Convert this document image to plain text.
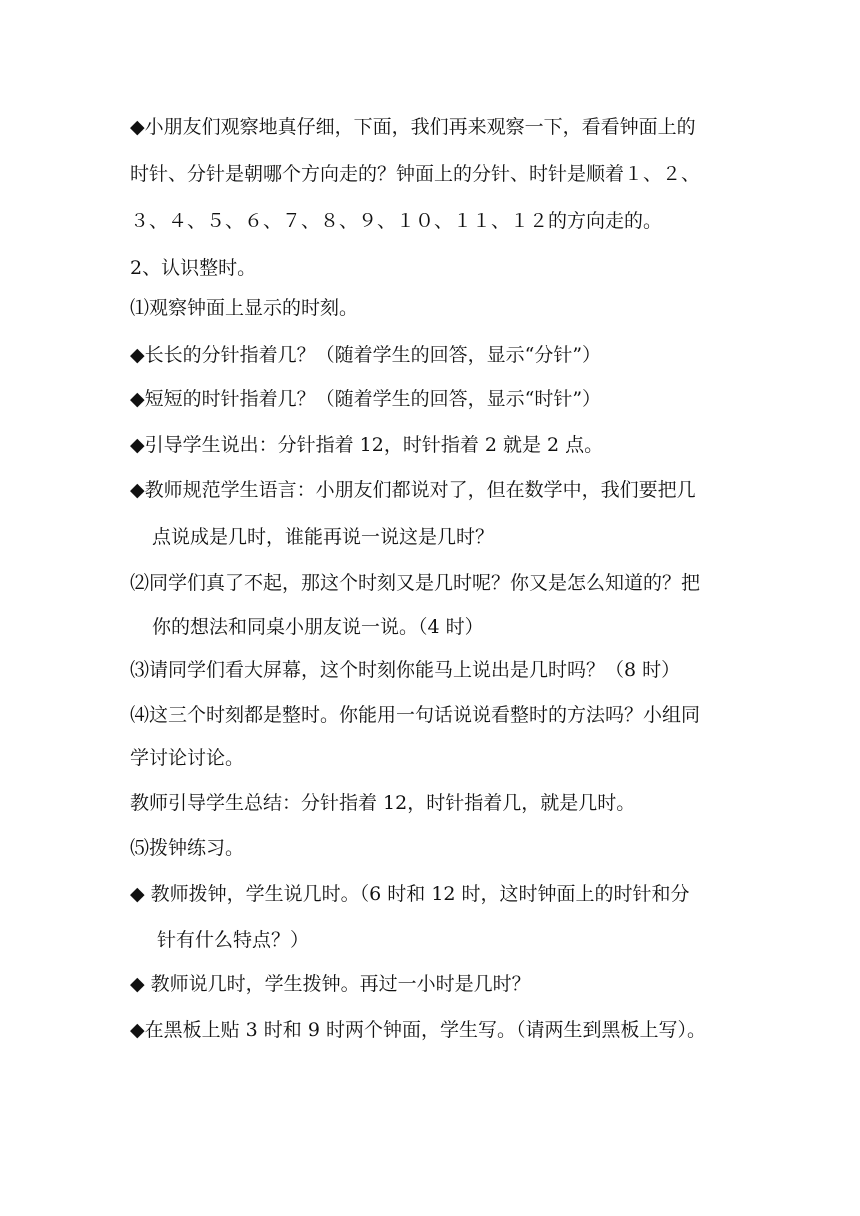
◆小朋友们观察地真仔细，下面，我们再来观察一下，看看钟面上的
时针、分针是朝哪个方向走的？钟面上的分针、时针是顺着１、２、
３、４、５、６、７、８、９、１０、１１、１２的方向走的。
2、认识整时。
⑴观察钟面上显示的时刻。
◆长长的分针指着几？（随着学生的回答，显示“分针”）
◆短短的时针指着几？（随着学生的回答，显示“时针”）
◆引导学生说出：分针指着 12，时针指着 2 就是 2 点。
◆教师规范学生语言：小朋友们都说对了，但在数学中，我们要把几
点说成是几时，谁能再说一说这是几时？
⑵同学们真了不起，那这个时刻又是几时呢？你又是怎么知道的？把
你的想法和同桌小朋友说一说。（4 时）
⑶请同学们看大屏幕，这个时刻你能马上说出是几时吗？（8 时）
⑷这三个时刻都是整时。你能用一句话说说看整时的方法吗？小组同
学讨论讨论。
教师引导学生总结：分针指着 12，时针指着几，就是几时。
⑸拨钟练习。
◆ 教师拨钟，学生说几时。（6 时和 12 时，这时钟面上的时针和分
针有什么特点？）
◆ 教师说几时，学生拨钟。再过一小时是几时？
◆在黑板上贴 3 时和 9 时两个钟面，学生写。（请两生到黑板上写）。
